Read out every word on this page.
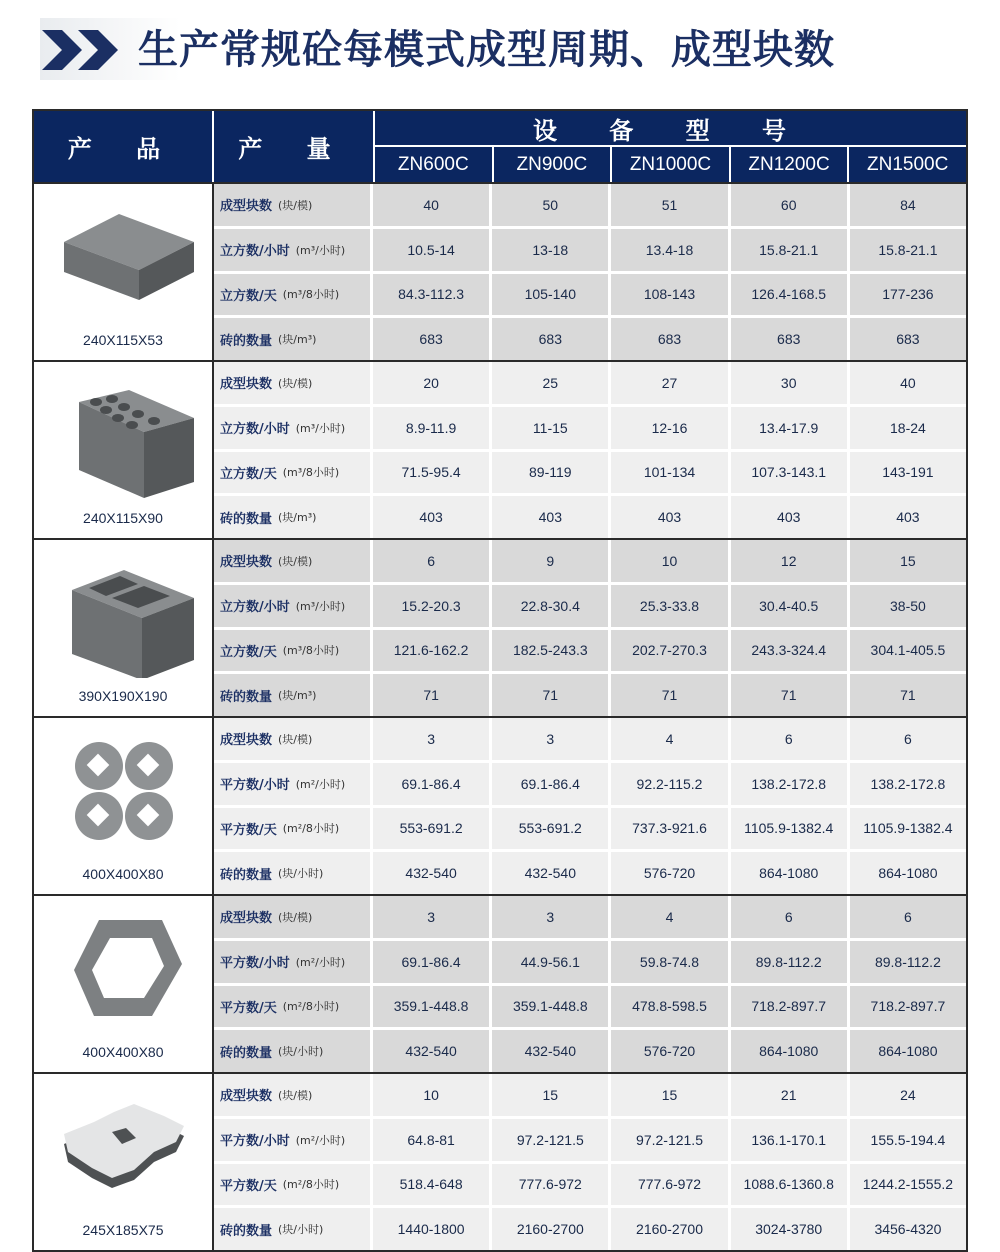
生产常规砼每模式成型周期、成型块数
产 品	产 量
设 备 型 号
ZN600C	ZN900C	ZN1000C	ZN1200C	ZN1500C
240X115X53
成型块数 (块/模)	40	50	51	60	84
立方数/小时 (m³/小时)	10.5-14	13-18	13.4-18	15.8-21.1	15.8-21.1
立方数/天 (m³/8小时)	84.3-112.3	105-140	108-143	126.4-168.5	177-236
砖的数量 (块/m³)	683	683	683	683	683
240X115X90
成型块数 (块/模)	20	25	27	30	40
立方数/小时 (m³/小时)	8.9-11.9	11-15	12-16	13.4-17.9	18-24
立方数/天 (m³/8小时)	71.5-95.4	89-119	101-134	107.3-143.1	143-191
砖的数量 (块/m³)	403	403	403	403	403
390X190X190
成型块数 (块/模)	6	9	10	12	15
立方数/小时 (m³/小时)	15.2-20.3	22.8-30.4	25.3-33.8	30.4-40.5	38-50
立方数/天 (m³/8小时)	121.6-162.2	182.5-243.3	202.7-270.3	243.3-324.4	304.1-405.5
砖的数量 (块/m³)	71	71	71	71	71
400X400X80
成型块数 (块/模)	3	3	4	6	6
平方数/小时 (m²/小时)	69.1-86.4	69.1-86.4	92.2-115.2	138.2-172.8	138.2-172.8
平方数/天 (m²/8小时)	553-691.2	553-691.2	737.3-921.6	1105.9-1382.4	1105.9-1382.4
砖的数量 (块/小时)	432-540	432-540	576-720	864-1080	864-1080
400X400X80
成型块数 (块/模)	3	3	4	6	6
平方数/小时 (m²/小时)	69.1-86.4	44.9-56.1	59.8-74.8	89.8-112.2	89.8-112.2
平方数/天 (m²/8小时)	359.1-448.8	359.1-448.8	478.8-598.5	718.2-897.7	718.2-897.7
砖的数量 (块/小时)	432-540	432-540	576-720	864-1080	864-1080
245X185X75
成型块数 (块/模)	10	15	15	21	24
平方数/小时 (m²/小时)	64.8-81	97.2-121.5	97.2-121.5	136.1-170.1	155.5-194.4
平方数/天 (m²/8小时)	518.4-648	777.6-972	777.6-972	1088.6-1360.8	1244.2-1555.2
砖的数量 (块/小时)	1440-1800	2160-2700	2160-2700	3024-3780	3456-4320
